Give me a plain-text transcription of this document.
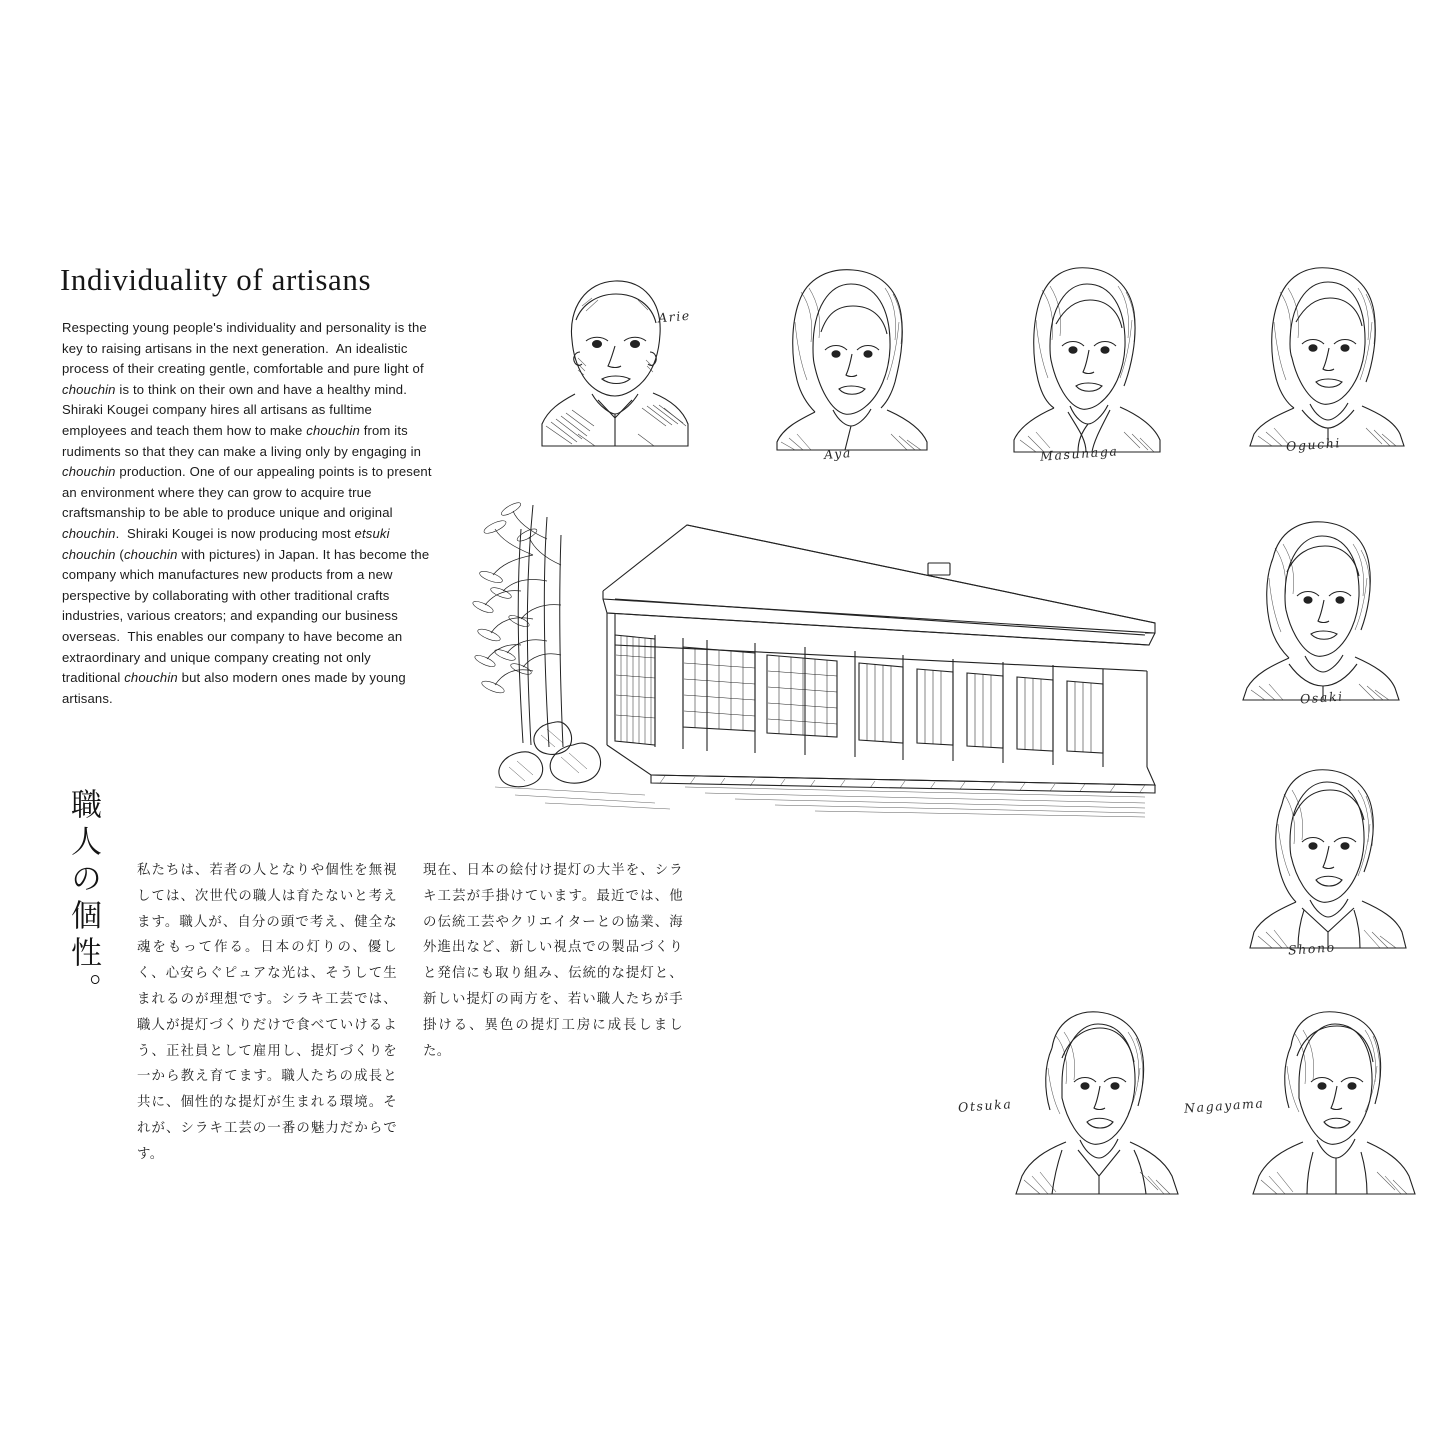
Individuality of artisans
Respecting young people's individuality and personality is the key to raising artisans in the next generation.  An idealistic process of their creating gentle, comfortable and pure light of chouchin is to think on their own and have a healthy mind. Shiraki Kougei company hires all artisans as fulltime employees and teach them how to make chouchin from its rudiments so that they can make a living only by engaging in chouchin production. One of our appealing points is to present an environment where they can grow to acquire true craftsmanship to be able to produce unique and original chouchin.  Shiraki Kougei is now producing most etsuki chouchin (chouchin with pictures) in Japan. It has become the company which manufactures new products from a new perspective by collaborating with other traditional crafts industries, various creators; and expanding our business overseas.  This enables our company to have become an extraordinary and unique company creating not only traditional chouchin but also modern ones made by young artisans.
職人の個性。	私たちは、若者の人となりや個性を無視しては、次世代の職人は育たないと考えます。職人が、自分の頭で考え、健全な魂をもって作る。日本の灯りの、優しく、心安らぐピュアな光は、そうして生まれるのが理想です。シラキ工芸では、職人が提灯づくりだけで食べていけるよう、正社員として雇用し、提灯づくりを一から教え育てます。職人たちの成長と共に、個性的な提灯が生まれる環境。それが、シラキ工芸の一番の魅力だからです。
現在、日本の絵付け提灯の大半を、シラキ工芸が手掛けています。最近では、他の伝統工芸やクリエイターとの協業、海外進出など、新しい視点での製品づくりと発信にも取り組み、伝統的な提灯と、新しい提灯の両方を、若い職人たちが手掛ける、異色の提灯工房に成長しました。
Arie
Aya	Masunaga	Oguchi
Osaki
Shono
Otsuka	Nagayama
